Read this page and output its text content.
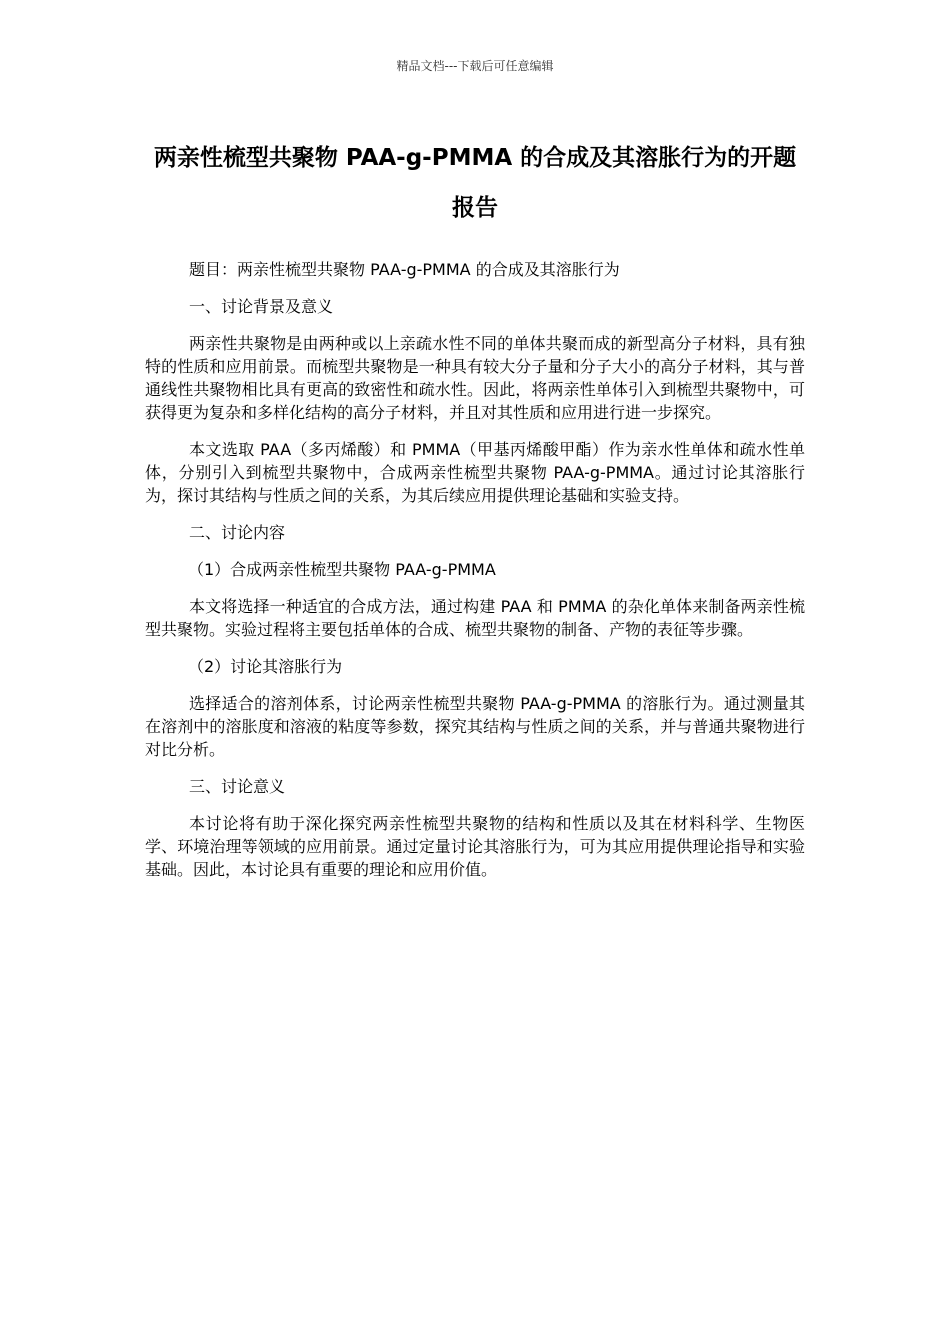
精品文档---下载后可任意编辑
两亲性梳型共聚物 PAA-g-PMMA 的合成及其溶胀行为的开题报告

题目：两亲性梳型共聚物 PAA-g-PMMA 的合成及其溶胀行为

一、讨论背景及意义

两亲性共聚物是由两种或以上亲疏水性不同的单体共聚而成的新型高分子材料，具有独特的性质和应用前景。而梳型共聚物是一种具有较大分子量和分子大小的高分子材料，其与普通线性共聚物相比具有更高的致密性和疏水性。因此，将两亲性单体引入到梳型共聚物中，可获得更为复杂和多样化结构的高分子材料，并且对其性质和应用进行进一步探究。

本文选取 PAA（多丙烯酸）和 PMMA（甲基丙烯酸甲酯）作为亲水性单体和疏水性单体，分别引入到梳型共聚物中，合成两亲性梳型共聚物 PAA-g-PMMA。通过讨论其溶胀行为，探讨其结构与性质之间的关系，为其后续应用提供理论基础和实验支持。

二、讨论内容

（1）合成两亲性梳型共聚物 PAA-g-PMMA

本文将选择一种适宜的合成方法，通过构建 PAA 和 PMMA 的杂化单体来制备两亲性梳型共聚物。实验过程将主要包括单体的合成、梳型共聚物的制备、产物的表征等步骤。

（2）讨论其溶胀行为

选择适合的溶剂体系，讨论两亲性梳型共聚物 PAA-g-PMMA 的溶胀行为。通过测量其在溶剂中的溶胀度和溶液的粘度等参数，探究其结构与性质之间的关系，并与普通共聚物进行对比分析。

三、讨论意义

本讨论将有助于深化探究两亲性梳型共聚物的结构和性质以及其在材料科学、生物医学、环境治理等领域的应用前景。通过定量讨论其溶胀行为，可为其应用提供理论指导和实验基础。因此，本讨论具有重要的理论和应用价值。
